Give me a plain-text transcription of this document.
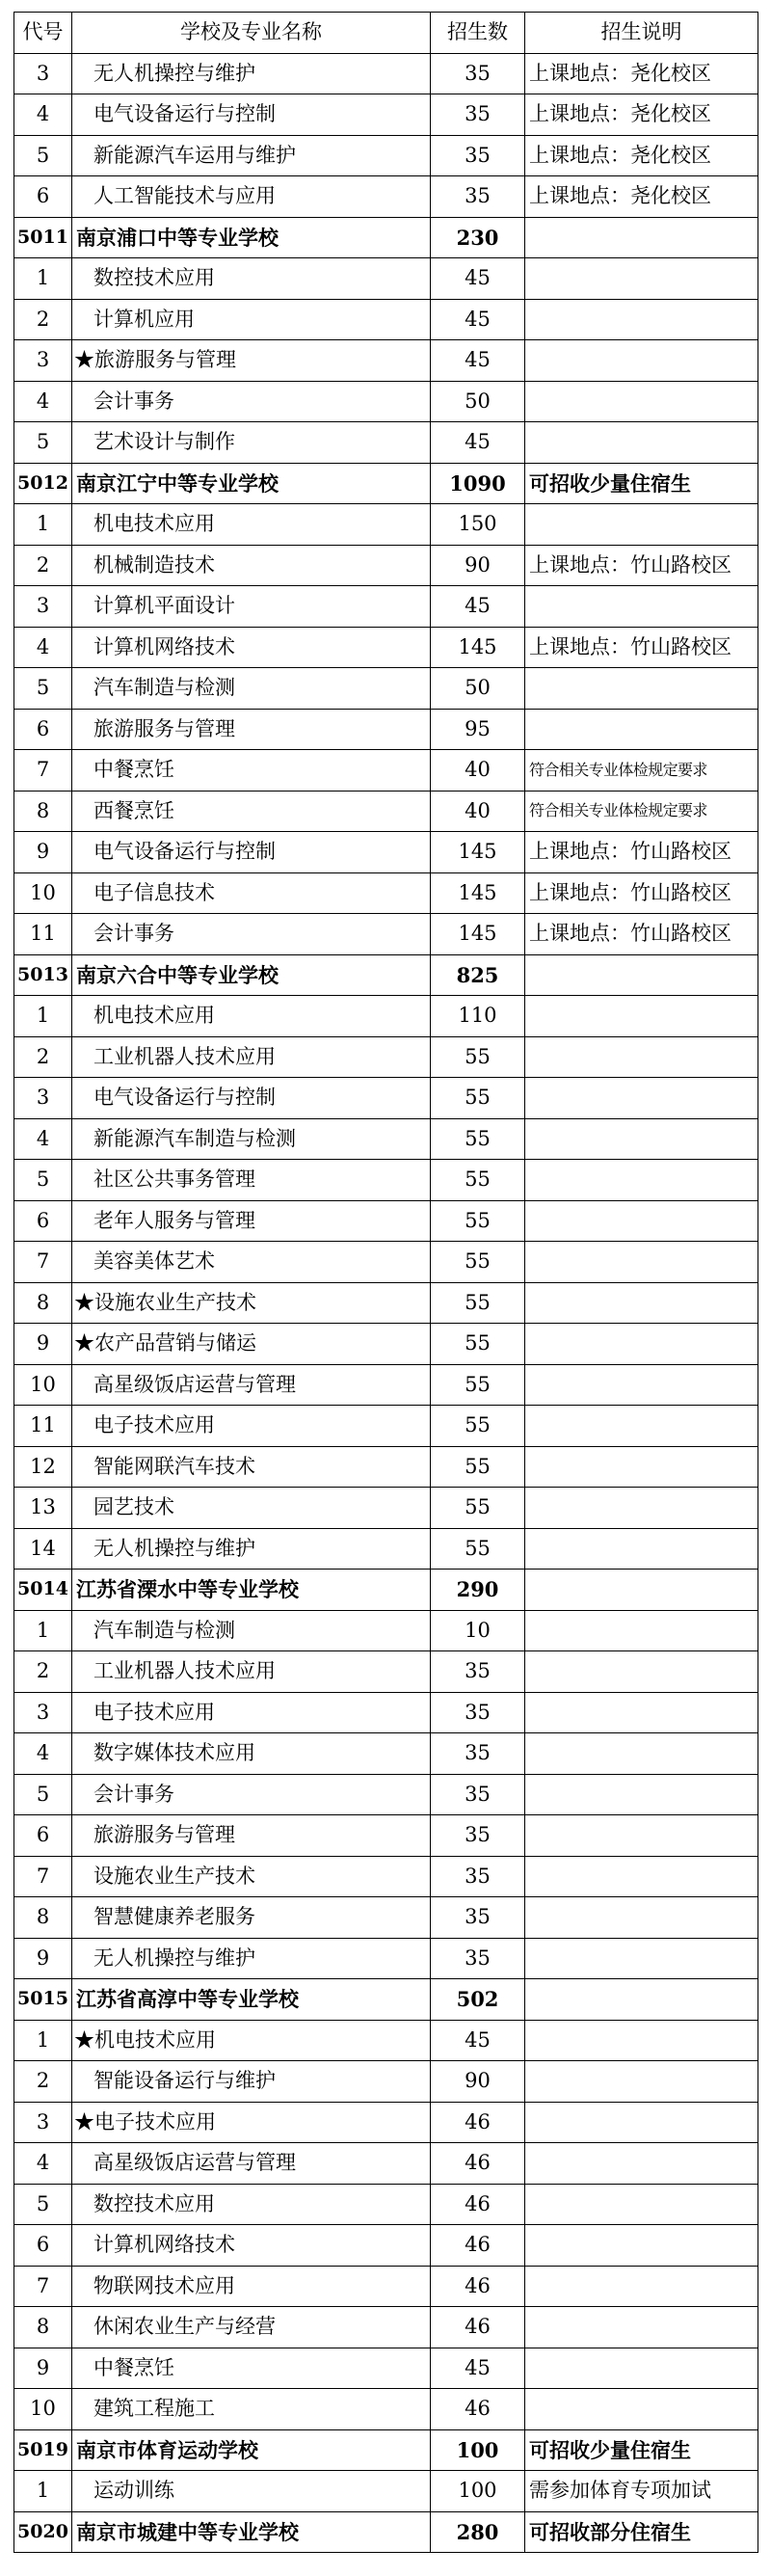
代号	学校及专业名称	招生数	招生说明
3	无人机操控与维护	35	上课地点：尧化校区
4	电气设备运行与控制	35	上课地点：尧化校区
5	新能源汽车运用与维护	35	上课地点：尧化校区
6	人工智能技术与应用	35	上课地点：尧化校区
5011	南京浦口中等专业学校	230	
1	数控技术应用	45	
2	计算机应用	45	
3	★旅游服务与管理	45	
4	会计事务	50	
5	艺术设计与制作	45	
5012	南京江宁中等专业学校	1090	可招收少量住宿生
1	机电技术应用	150	
2	机械制造技术	90	上课地点：竹山路校区
3	计算机平面设计	45	
4	计算机网络技术	145	上课地点：竹山路校区
5	汽车制造与检测	50	
6	旅游服务与管理	95	
7	中餐烹饪	40	符合相关专业体检规定要求
8	西餐烹饪	40	符合相关专业体检规定要求
9	电气设备运行与控制	145	上课地点：竹山路校区
10	电子信息技术	145	上课地点：竹山路校区
11	会计事务	145	上课地点：竹山路校区
5013	南京六合中等专业学校	825	
1	机电技术应用	110	
2	工业机器人技术应用	55	
3	电气设备运行与控制	55	
4	新能源汽车制造与检测	55	
5	社区公共事务管理	55	
6	老年人服务与管理	55	
7	美容美体艺术	55	
8	★设施农业生产技术	55	
9	★农产品营销与储运	55	
10	高星级饭店运营与管理	55	
11	电子技术应用	55	
12	智能网联汽车技术	55	
13	园艺技术	55	
14	无人机操控与维护	55	
5014	江苏省溧水中等专业学校	290	
1	汽车制造与检测	10	
2	工业机器人技术应用	35	
3	电子技术应用	35	
4	数字媒体技术应用	35	
5	会计事务	35	
6	旅游服务与管理	35	
7	设施农业生产技术	35	
8	智慧健康养老服务	35	
9	无人机操控与维护	35	
5015	江苏省高淳中等专业学校	502	
1	★机电技术应用	45	
2	智能设备运行与维护	90	
3	★电子技术应用	46	
4	高星级饭店运营与管理	46	
5	数控技术应用	46	
6	计算机网络技术	46	
7	物联网技术应用	46	
8	休闲农业生产与经营	46	
9	中餐烹饪	45	
10	建筑工程施工	46	
5019	南京市体育运动学校	100	可招收少量住宿生
1	运动训练	100	需参加体育专项加试
5020	南京市城建中等专业学校	280	可招收部分住宿生
